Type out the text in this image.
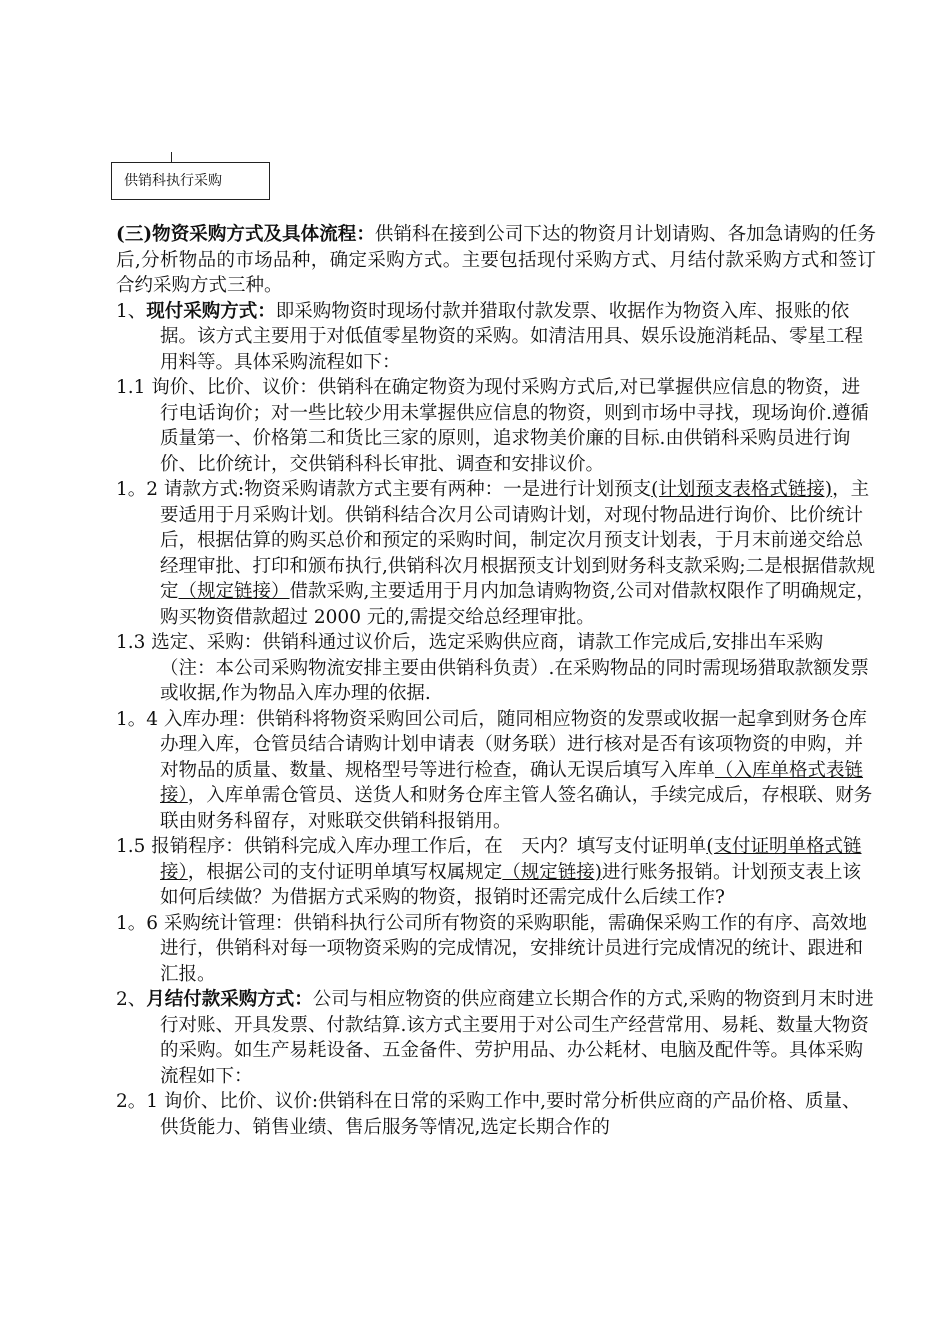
供销科执行采购

(三)物资采购方式及具体流程：供销科在接到公司下达的物资月计划请购、各加急请购的任务后,分析物品的市场品种，确定采购方式。主要包括现付采购方式、月结付款采购方式和签订合约采购方式三种。

1、现付采购方式：即采购物资时现场付款并猎取付款发票、收据作为物资入库、报账的依据。该方式主要用于对低值零星物资的采购。如清洁用具、娱乐设施消耗品、零星工程用料等。具体采购流程如下：

1.1 询价、比价、议价：供销科在确定物资为现付采购方式后,对已掌握供应信息的物资，进行电话询价；对一些比较少用未掌握供应信息的物资，则到市场中寻找，现场询价.遵循质量第一、价格第二和货比三家的原则，追求物美价廉的目标.由供销科采购员进行询价、比价统计，交供销科科长审批、调查和安排议价。

1。2 请款方式:物资采购请款方式主要有两种：一是进行计划预支(计划预支表格式链接)，主要适用于月采购计划。供销科结合次月公司请购计划，对现付物品进行询价、比价统计后，根据估算的购买总价和预定的采购时间，制定次月预支计划表，于月末前递交给总经理审批、打印和颁布执行,供销科次月根据预支计划到财务科支款采购;二是根据借款规定（规定链接）借款采购,主要适用于月内加急请购物资,公司对借款权限作了明确规定，购买物资借款超过 2000 元的,需提交给总经理审批。

1.3 选定、采购：供销科通过议价后，选定采购供应商，请款工作完成后,安排出车采购（注：本公司采购物流安排主要由供销科负责）.在采购物品的同时需现场猎取款额发票或收据,作为物品入库办理的依据.

1。4 入库办理：供销科将物资采购回公司后，随同相应物资的发票或收据一起拿到财务仓库办理入库，仓管员结合请购计划申请表（财务联）进行核对是否有该项物资的申购，并对物品的质量、数量、规格型号等进行检查，确认无误后填写入库单（入库单格式表链接），入库单需仓管员、送货人和财务仓库主管人签名确认，手续完成后，存根联、财务联由财务科留存，对账联交供销科报销用。

1.5 报销程序：供销科完成入库办理工作后，在　天内？填写支付证明单(支付证明单格式链接），根据公司的支付证明单填写权属规定（规定链接)进行账务报销。计划预支表上该如何后续做？为借据方式采购的物资，报销时还需完成什么后续工作?

1。6 采购统计管理：供销科执行公司所有物资的采购职能，需确保采购工作的有序、高效地进行，供销科对每一项物资采购的完成情况，安排统计员进行完成情况的统计、跟进和汇报。

2、月结付款采购方式：公司与相应物资的供应商建立长期合作的方式,采购的物资到月末时进行对账、开具发票、付款结算.该方式主要用于对公司生产经营常用、易耗、数量大物资的采购。如生产易耗设备、五金备件、劳护用品、办公耗材、电脑及配件等。具体采购流程如下：

2。1 询价、比价、议价:供销科在日常的采购工作中,要时常分析供应商的产品价格、质量、供货能力、销售业绩、售后服务等情况,选定长期合作的
